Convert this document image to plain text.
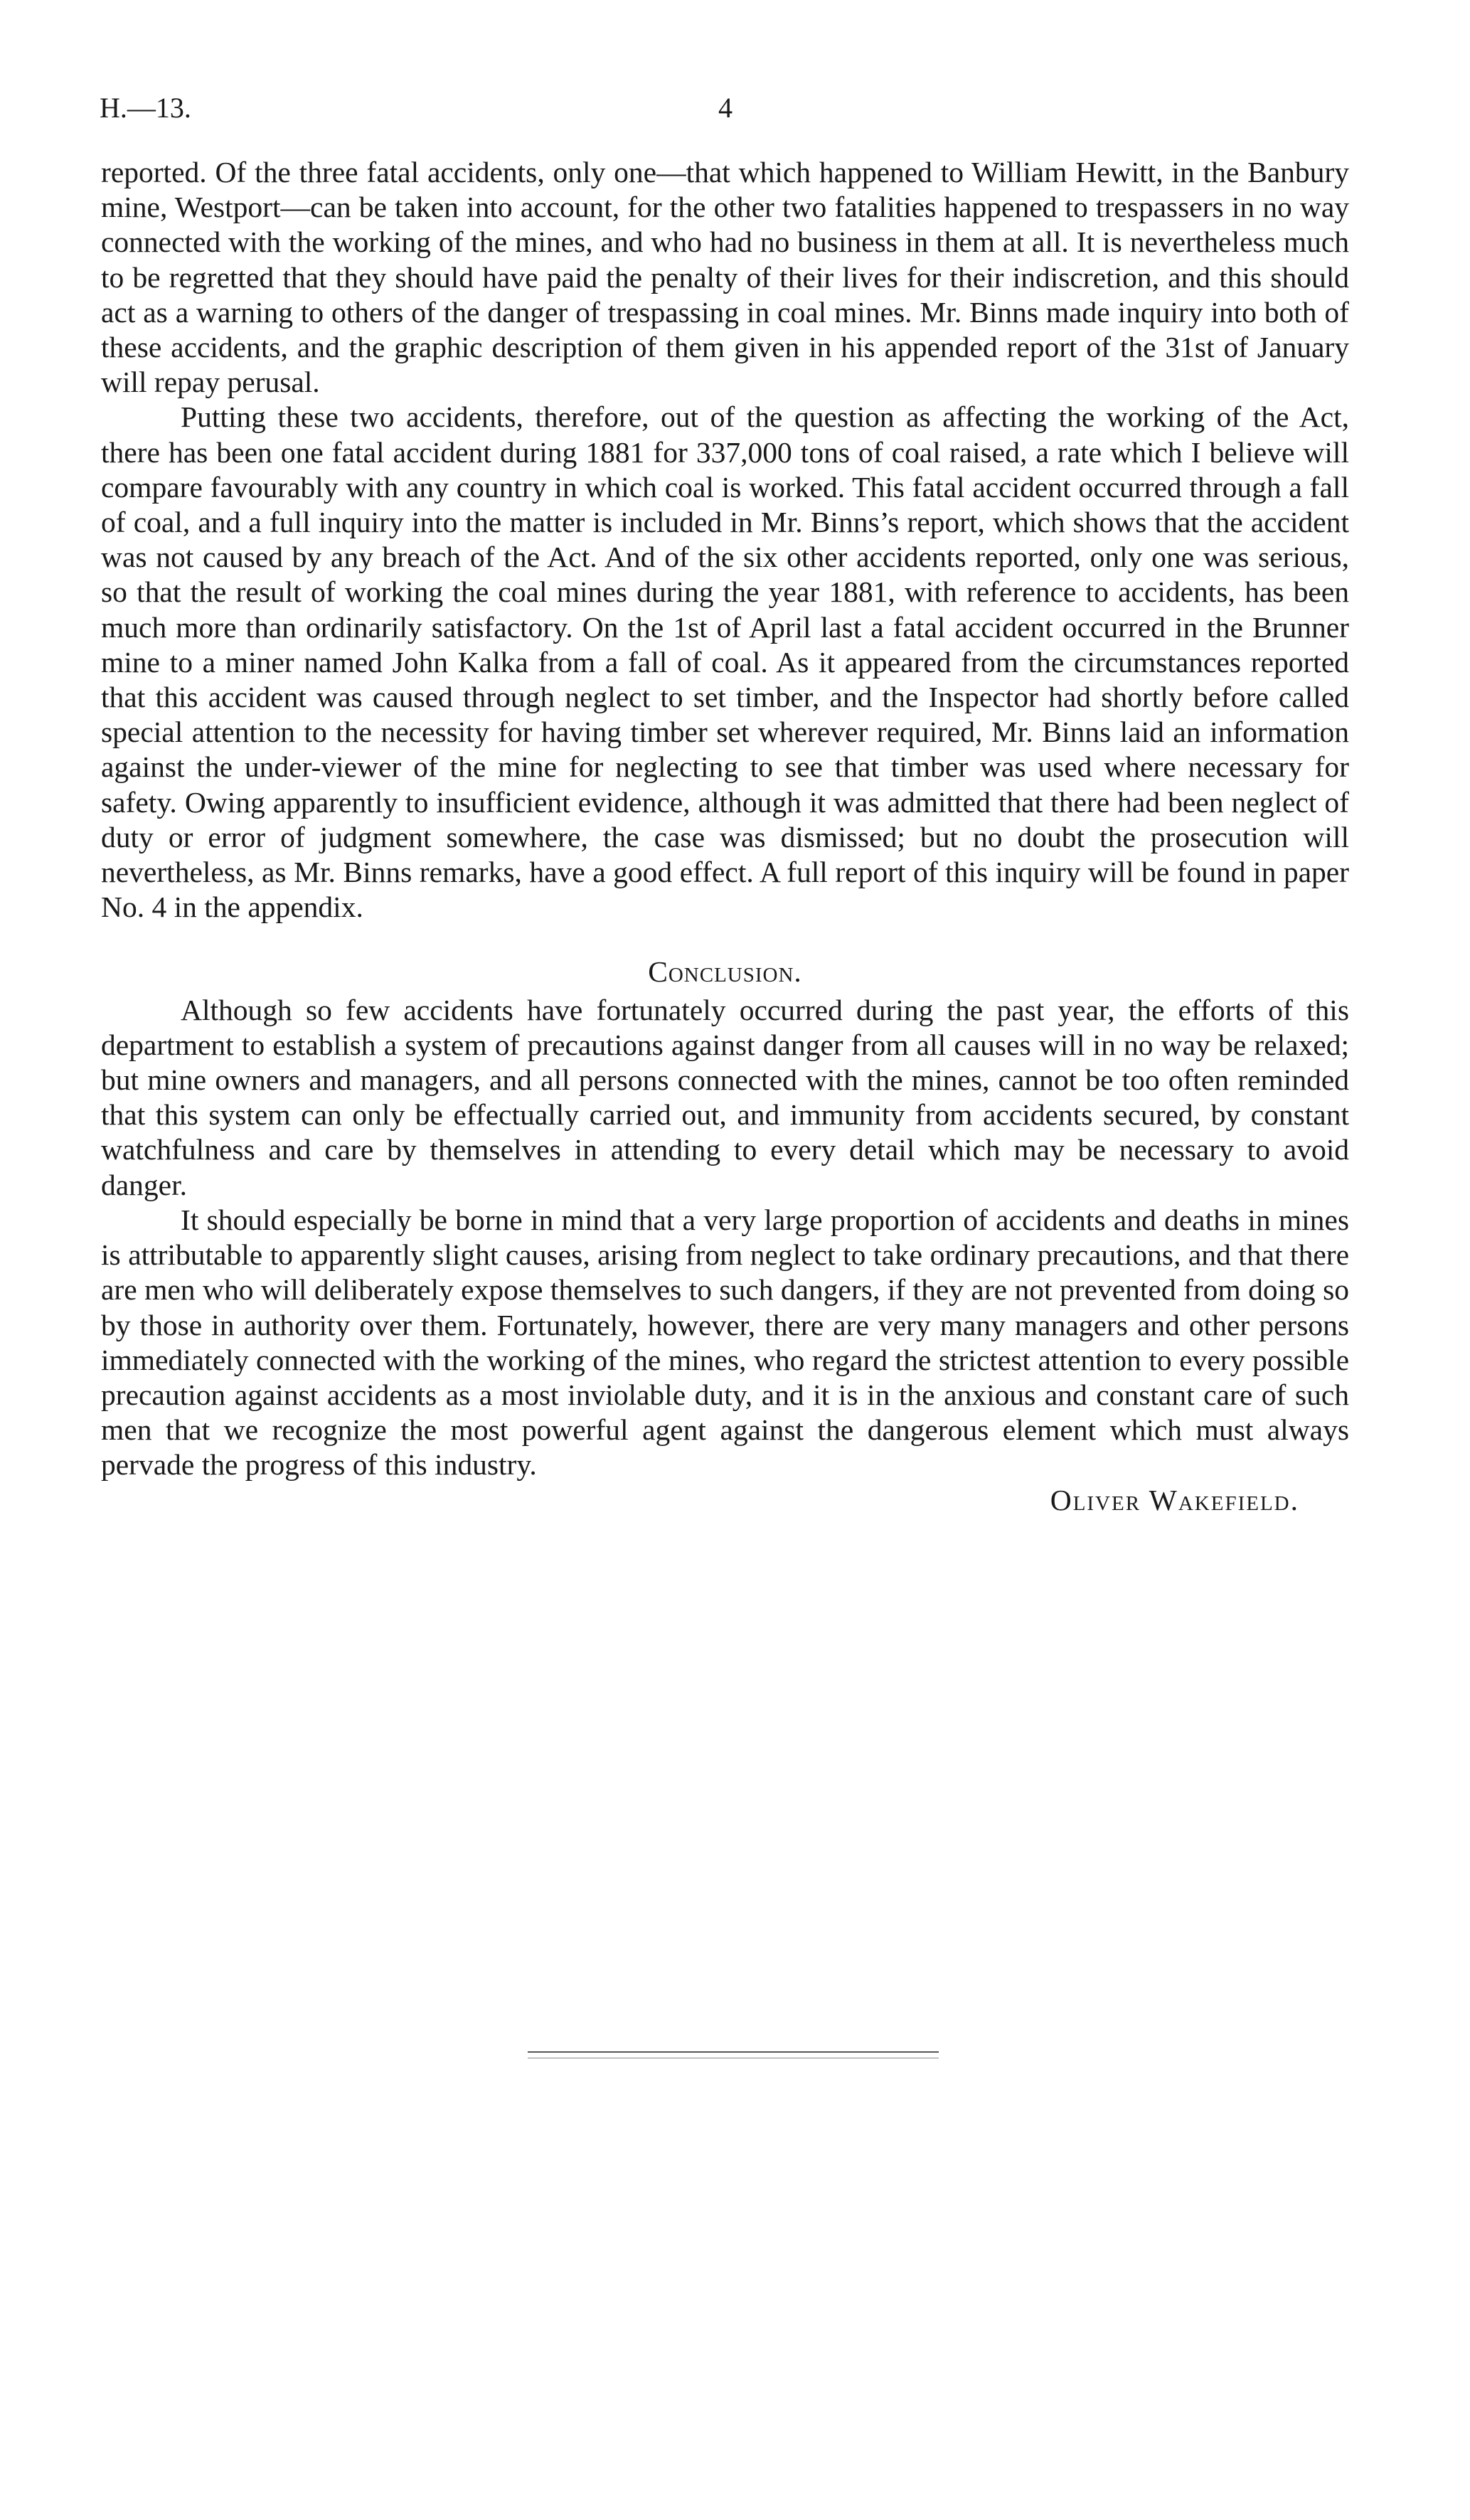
H.—13.	4

reported. Of the three fatal accidents, only one—that which happened to William Hewitt, in the Banbury mine, Westport—can be taken into account, for the other two fatalities happened to trespassers in no way connected with the working of the mines, and who had no business in them at all. It is nevertheless much to be regretted that they should have paid the penalty of their lives for their indiscretion, and this should act as a warning to others of the danger of trespassing in coal mines. Mr. Binns made inquiry into both of these accidents, and the graphic description of them given in his appended report of the 31st of January will repay perusal.

Putting these two accidents, therefore, out of the question as affecting the working of the Act, there has been one fatal accident during 1881 for 337,000 tons of coal raised, a rate which I believe will compare favourably with any country in which coal is worked. This fatal accident occurred through a fall of coal, and a full inquiry into the matter is included in Mr. Binns’s report, which shows that the accident was not caused by any breach of the Act. And of the six other accidents reported, only one was serious, so that the result of working the coal mines during the year 1881, with reference to accidents, has been much more than ordinarily satisfactory. On the 1st of April last a fatal accident occurred in the Brunner mine to a miner named John Kalka from a fall of coal. As it appeared from the circumstances reported that this accident was caused through neglect to set timber, and the Inspector had shortly before called special attention to the necessity for having timber set wherever required, Mr. Binns laid an information against the under-viewer of the mine for neglecting to see that timber was used where necessary for safety. Owing apparently to insufficient evidence, although it was admitted that there had been neglect of duty or error of judgment somewhere, the case was dismissed; but no doubt the prosecution will nevertheless, as Mr. Binns remarks, have a good effect. A full report of this inquiry will be found in paper No. 4 in the appendix.

Conclusion.

Although so few accidents have fortunately occurred during the past year, the efforts of this department to establish a system of precautions against danger from all causes will in no way be relaxed; but mine owners and managers, and all persons connected with the mines, cannot be too often reminded that this system can only be effectually carried out, and immunity from accidents secured, by constant watchfulness and care by themselves in attending to every detail which may be necessary to avoid danger.

It should especially be borne in mind that a very large proportion of accidents and deaths in mines is attributable to apparently slight causes, arising from neglect to take ordinary precautions, and that there are men who will deliberately expose themselves to such dangers, if they are not prevented from doing so by those in authority over them. Fortunately, however, there are very many managers and other persons immediately connected with the working of the mines, who regard the strictest attention to every possible precaution against accidents as a most inviolable duty, and it is in the anxious and constant care of such men that we recognize the most powerful agent against the dangerous element which must always pervade the progress of this industry.

Oliver Wakefield.
